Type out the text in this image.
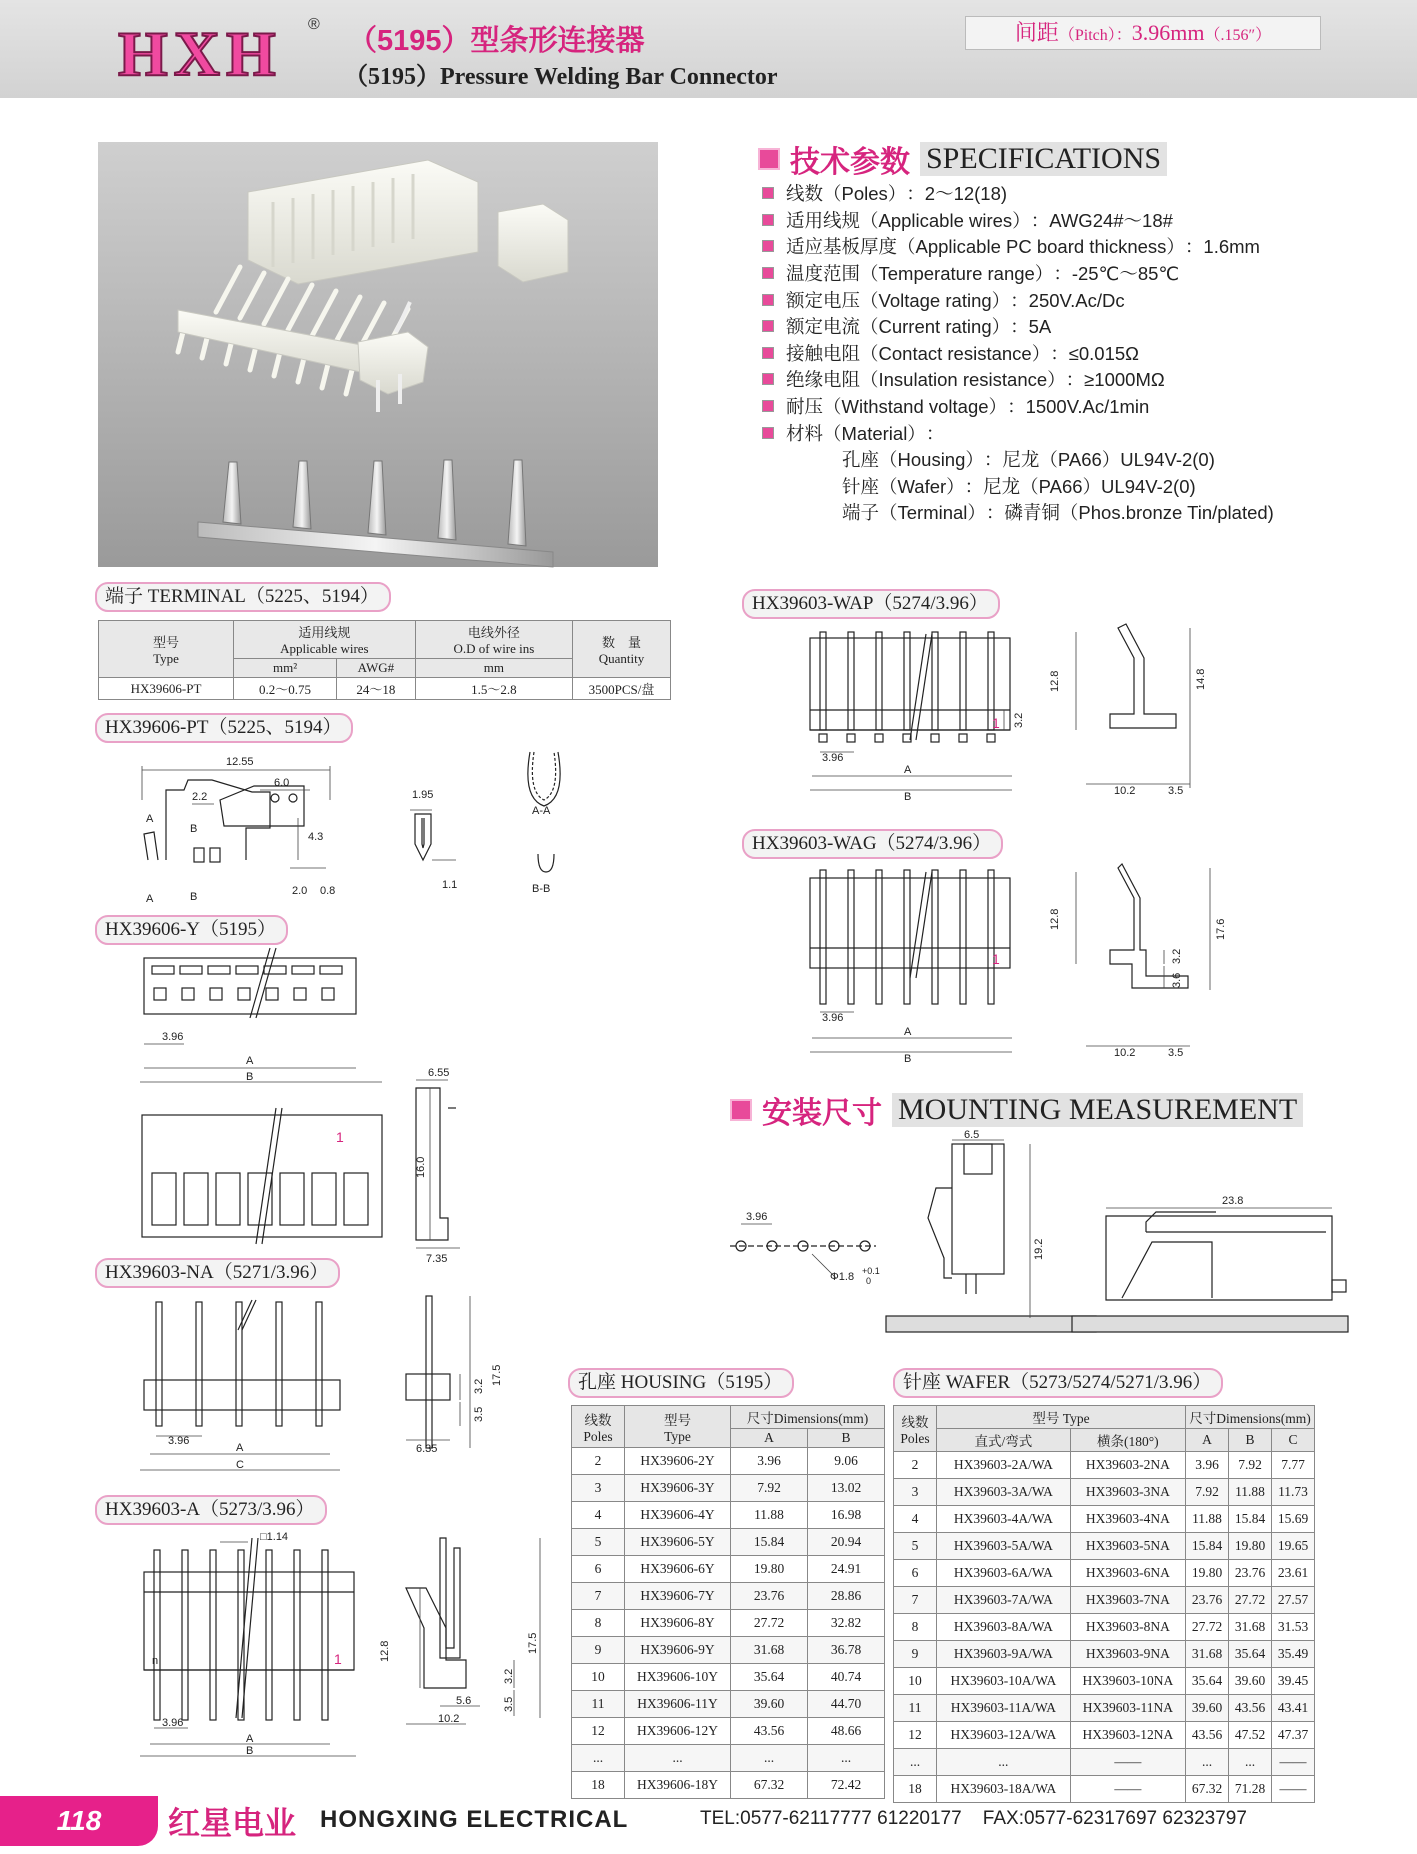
HXH ®
（5195）型条形连接器
（5195）Pressure Welding Bar Connector
间距（Pitch）：3.96mm（.156″）
技术参数 SPECIFICATIONS
线数（Poles） ：2～12(18)
适用线规（Applicable wires） ：AWG24#～18#
适应基板厚度（Applicable PC board thickness） ：1.6mm
温度范围（Temperature range） ：-25℃～85℃
额定电压（Voltage rating） ：250V.Ac/Dc
额定电流（Current rating） ：5A
接触电阻（Contact resistance） ：≤0.015Ω
绝缘电阻（Insulation resistance） ：≥1000MΩ
耐压（Withstand voltage） ：1500V.Ac/1min
材料（Material） ：
孔座（Housing） ：尼龙（PA66）UL94V-2(0)
针座（Wafer） ：尼龙（PA66）UL94V-2(0)
端子（Terminal） ：磷青铜（Phos.bronze Tin/plated)
端子 TERMINAL（5225、5194）
型号
Type	适用线规
Applicable wires		电线外径
O.D of wire ins	数　量
Quantity
	mm²	AWG#	mm	
HX39606-PT	0.2～0.75	24～18	1.5～2.8	3500PCS/盘
HX39606-PT（5225、5194）
12.55
6.0
2.2
4.3
2.0 0.8
1.95
1.1
A-A
B-B
A
B
A	B
HX39606-Y（5195）
3.96
A
B	6.55
16.0
7.35
1
HX39603-NA（5271/3.96）
3.96
A
C
17.5
3.2
3.5
6.35
HX39603-A（5273/3.96）
□1.14
3.96
A
B
12.8	17.5
3.2
3.5
5.6
10.2
n	1
HX39603-WAP（5274/3.96）
3.96
A
B
12.8
3.2
14.8
10.2	3.5
1
HX39603-WAG（5274/3.96）
3.96
A
B
12.8
3.2
3.6
17.6
10.2	3.5
1
安装尺寸 MOUNTING MEASUREMENT
3.96
Φ1.8 +0.1
0
6.5
19.2
23.8
孔座 HOUSING（5195）
线数
Poles	型号
Type	尺寸Dimensions(mm)	
		A	B
2	HX39606-2Y	3.96	9.06
3	HX39606-3Y	7.92	13.02
4	HX39606-4Y	11.88	16.98
5	HX39606-5Y	15.84	20.94
6	HX39606-6Y	19.80	24.91
7	HX39606-7Y	23.76	28.86
8	HX39606-8Y	27.72	32.82
9	HX39606-9Y	31.68	36.78
10	HX39606-10Y	35.64	40.74
11	HX39606-11Y	39.60	44.70
12	HX39606-12Y	43.56	48.66
...	...	...	...
18	HX39606-18Y	67.32	72.42
针座 WAFER（5273/5274/5271/3.96）
线数
Poles	型号 Type		尺寸Dimensions(mm)		
	直式/弯式	横条(180°)	A	B	C
2	HX39603-2A/WA	HX39603-2NA	3.96	7.92	7.77
3	HX39603-3A/WA	HX39603-3NA	7.92	11.88	11.73
4	HX39603-4A/WA	HX39603-4NA	11.88	15.84	15.69
5	HX39603-5A/WA	HX39603-5NA	15.84	19.80	19.65
6	HX39603-6A/WA	HX39603-6NA	19.80	23.76	23.61
7	HX39603-7A/WA	HX39603-7NA	23.76	27.72	27.57
8	HX39603-8A/WA	HX39603-8NA	27.72	31.68	31.53
9	HX39603-9A/WA	HX39603-9NA	31.68	35.64	35.49
10	HX39603-10A/WA	HX39603-10NA	35.64	39.60	39.45
11	HX39603-11A/WA	HX39603-11NA	39.60	43.56	43.41
12	HX39603-12A/WA	HX39603-12NA	43.56	47.52	47.37
...	...	——	...	...	——
18	HX39603-18A/WA	——	67.32	71.28	——
118	红星电业 HONGXING ELECTRICAL	TEL:0577-62117777 61220177 FAX:0577-62317697 62323797
